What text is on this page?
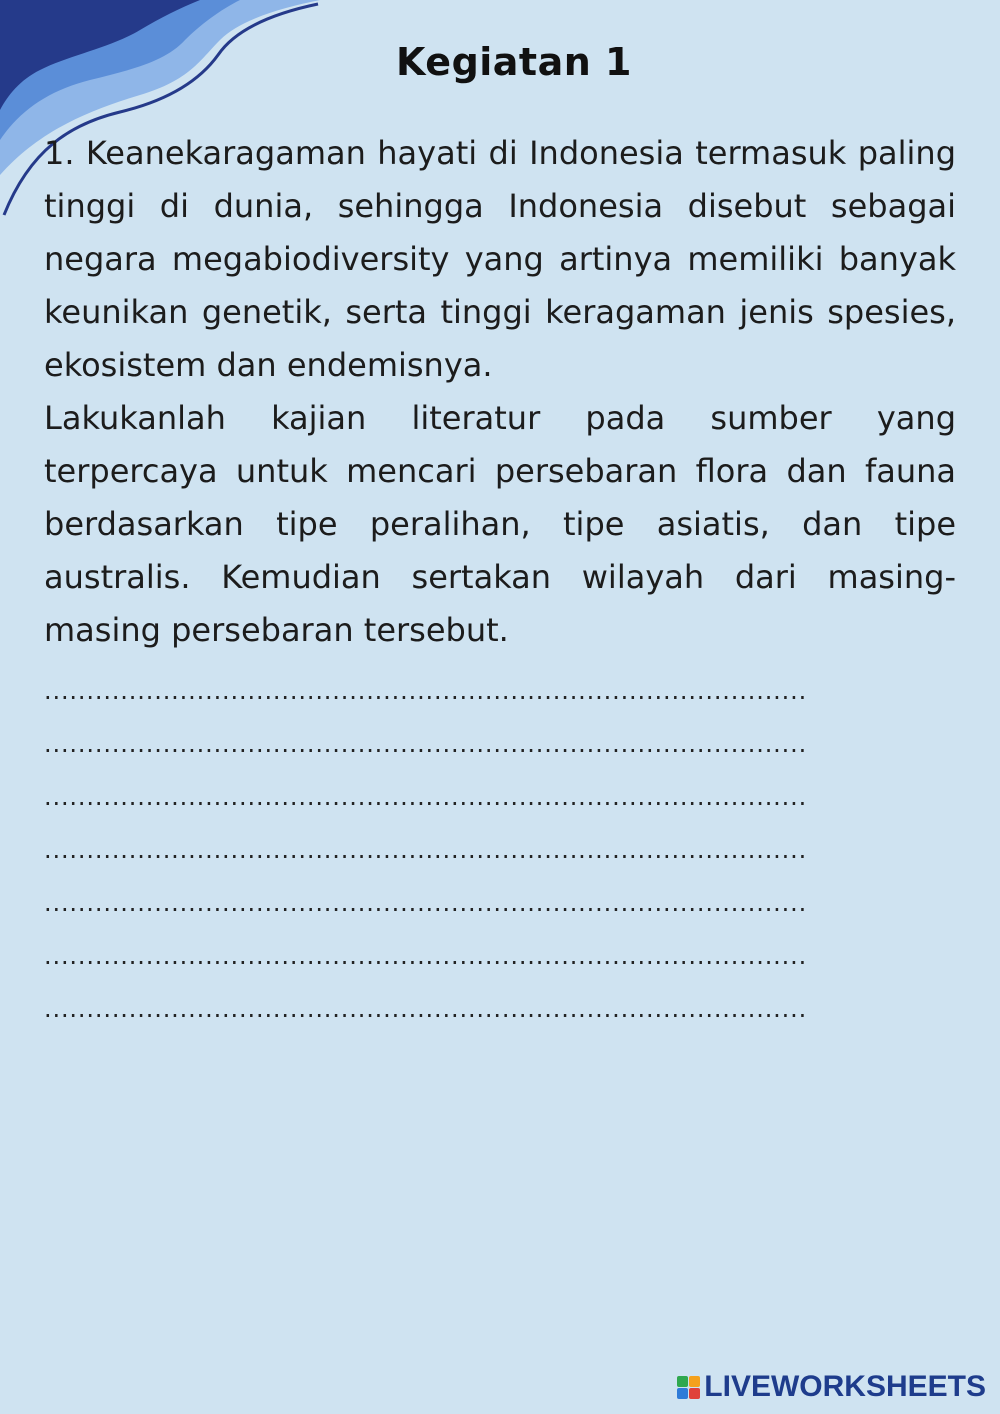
Kegiatan 1

1. Keanekaragaman hayati di Indonesia termasuk paling tinggi di dunia, sehingga Indonesia disebut sebagai negara megabiodiversity yang artinya memiliki banyak keunikan genetik, serta tinggi keragaman jenis spesies, ekosistem dan endemisnya.

Lakukanlah kajian literatur pada sumber yang terpercaya untuk mencari persebaran flora dan fauna berdasarkan tipe peralihan, tipe asiatis, dan tipe australis. Kemudian sertakan wilayah dari masing-masing persebaran tersebut.

..........................................................................................
..........................................................................................
..........................................................................................
..........................................................................................
..........................................................................................
..........................................................................................
..........................................................................................
LIVEWORKSHEETS
